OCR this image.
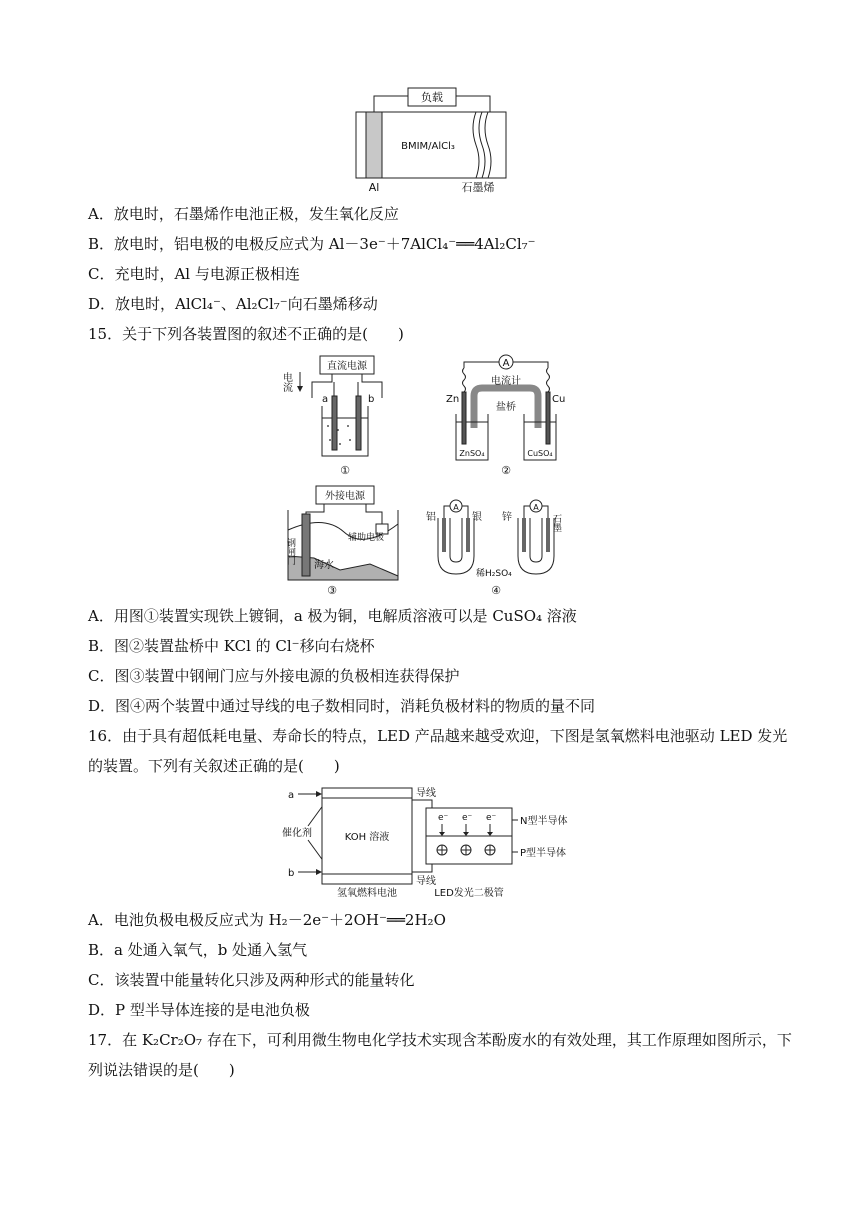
负载
BMIM/AlCl₃
Al	石墨烯
A．放电时，石墨烯作电池正极，发生氧化反应
B．放电时，铝电极的电极反应式为 Al－3e⁻＋7AlCl₄⁻══4Al₂Cl₇⁻
C．充电时，Al 与电源正极相连
D．放电时，AlCl₄⁻、Al₂Cl₇⁻向石墨烯移动
15．关于下列各装置图的叙述不正确的是(　　)
电流
直流电源
a	b
①
A
电流计
Zn	Cu
盐桥
ZnSO₄	CuSO₄
②
外接电源
钢闸门	辅助电极
海水
③
铝
A
银 锌
A
石墨
稀H₂SO₄
④
A．用图①装置实现铁上镀铜，a 极为铜，电解质溶液可以是 CuSO₄ 溶液
B．图②装置盐桥中 KCl 的 Cl⁻移向右烧杯
C．图③装置中钢闸门应与外接电源的负极相连获得保护
D．图④两个装置中通过导线的电子数相同时，消耗负极材料的物质的量不同
16．由于具有超低耗电量、寿命长的特点，LED 产品越来越受欢迎，下图是氢氧燃料电池驱动 LED 发光
的装置。下列有关叙述正确的是(　　)
a
b
催化剂	KOH 溶液
导线
导线
e⁻ e⁻ e⁻ N型半导体
P型半导体
氢氧燃料电池	LED发光二极管
A．电池负极电极反应式为 H₂－2e⁻＋2OH⁻══2H₂O
B．a 处通入氧气，b 处通入氢气
C．该装置中能量转化只涉及两种形式的能量转化
D．P 型半导体连接的是电池负极
17．在 K₂Cr₂O₇ 存在下，可利用微生物电化学技术实现含苯酚废水的有效处理，其工作原理如图所示，下
列说法错误的是(　　)
